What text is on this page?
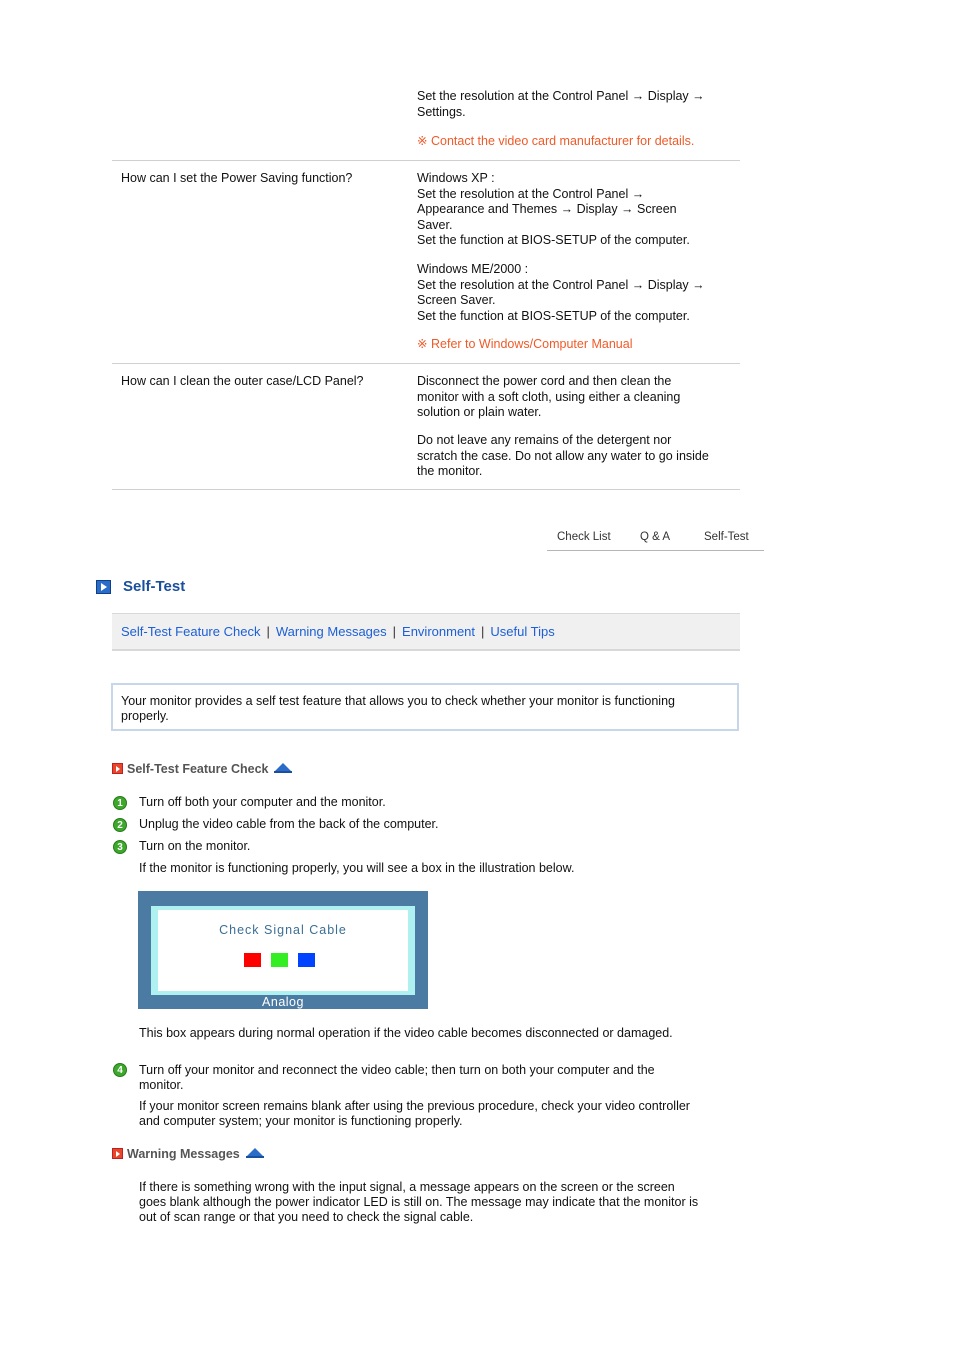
Set the resolution at the Control Panel → Display →
Settings.
※ Contact the video card manufacturer for details.
How can I set the Power Saving function?	Windows XP :
Set the resolution at the Control Panel →
Appearance and Themes → Display → Screen
Saver.
Set the function at BIOS-SETUP of the computer.
Windows ME/2000 :
Set the resolution at the Control Panel → Display →
Screen Saver.
Set the function at BIOS-SETUP of the computer.
※ Refer to Windows/Computer Manual
How can I clean the outer case/LCD Panel?	Disconnect the power cord and then clean the
monitor with a soft cloth, using either a cleaning
solution or plain water.
Do not leave any remains of the detergent nor
scratch the case. Do not allow any water to go inside
the monitor.
Check List	Q & A	Self-Test
Self-Test
Self-Test Feature Check | Warning Messages | Environment | Useful Tips
Your monitor provides a self test feature that allows you to check whether your monitor is functioning properly.
Self-Test Feature Check
1	Turn off both your computer and the monitor.
2	Unplug the video cable from the back of the computer.
3	Turn on the monitor.
If the monitor is functioning properly, you will see a box in the illustration below.
Check Signal Cable
Analog
This box appears during normal operation if the video cable becomes disconnected or damaged.
4	Turn off your monitor and reconnect the video cable; then turn on both your computer and the
monitor.
If your monitor screen remains blank after using the previous procedure, check your video controller
and computer system; your monitor is functioning properly.
Warning Messages
If there is something wrong with the input signal, a message appears on the screen or the screen
goes blank although the power indicator LED is still on. The message may indicate that the monitor is
out of scan range or that you need to check the signal cable.
